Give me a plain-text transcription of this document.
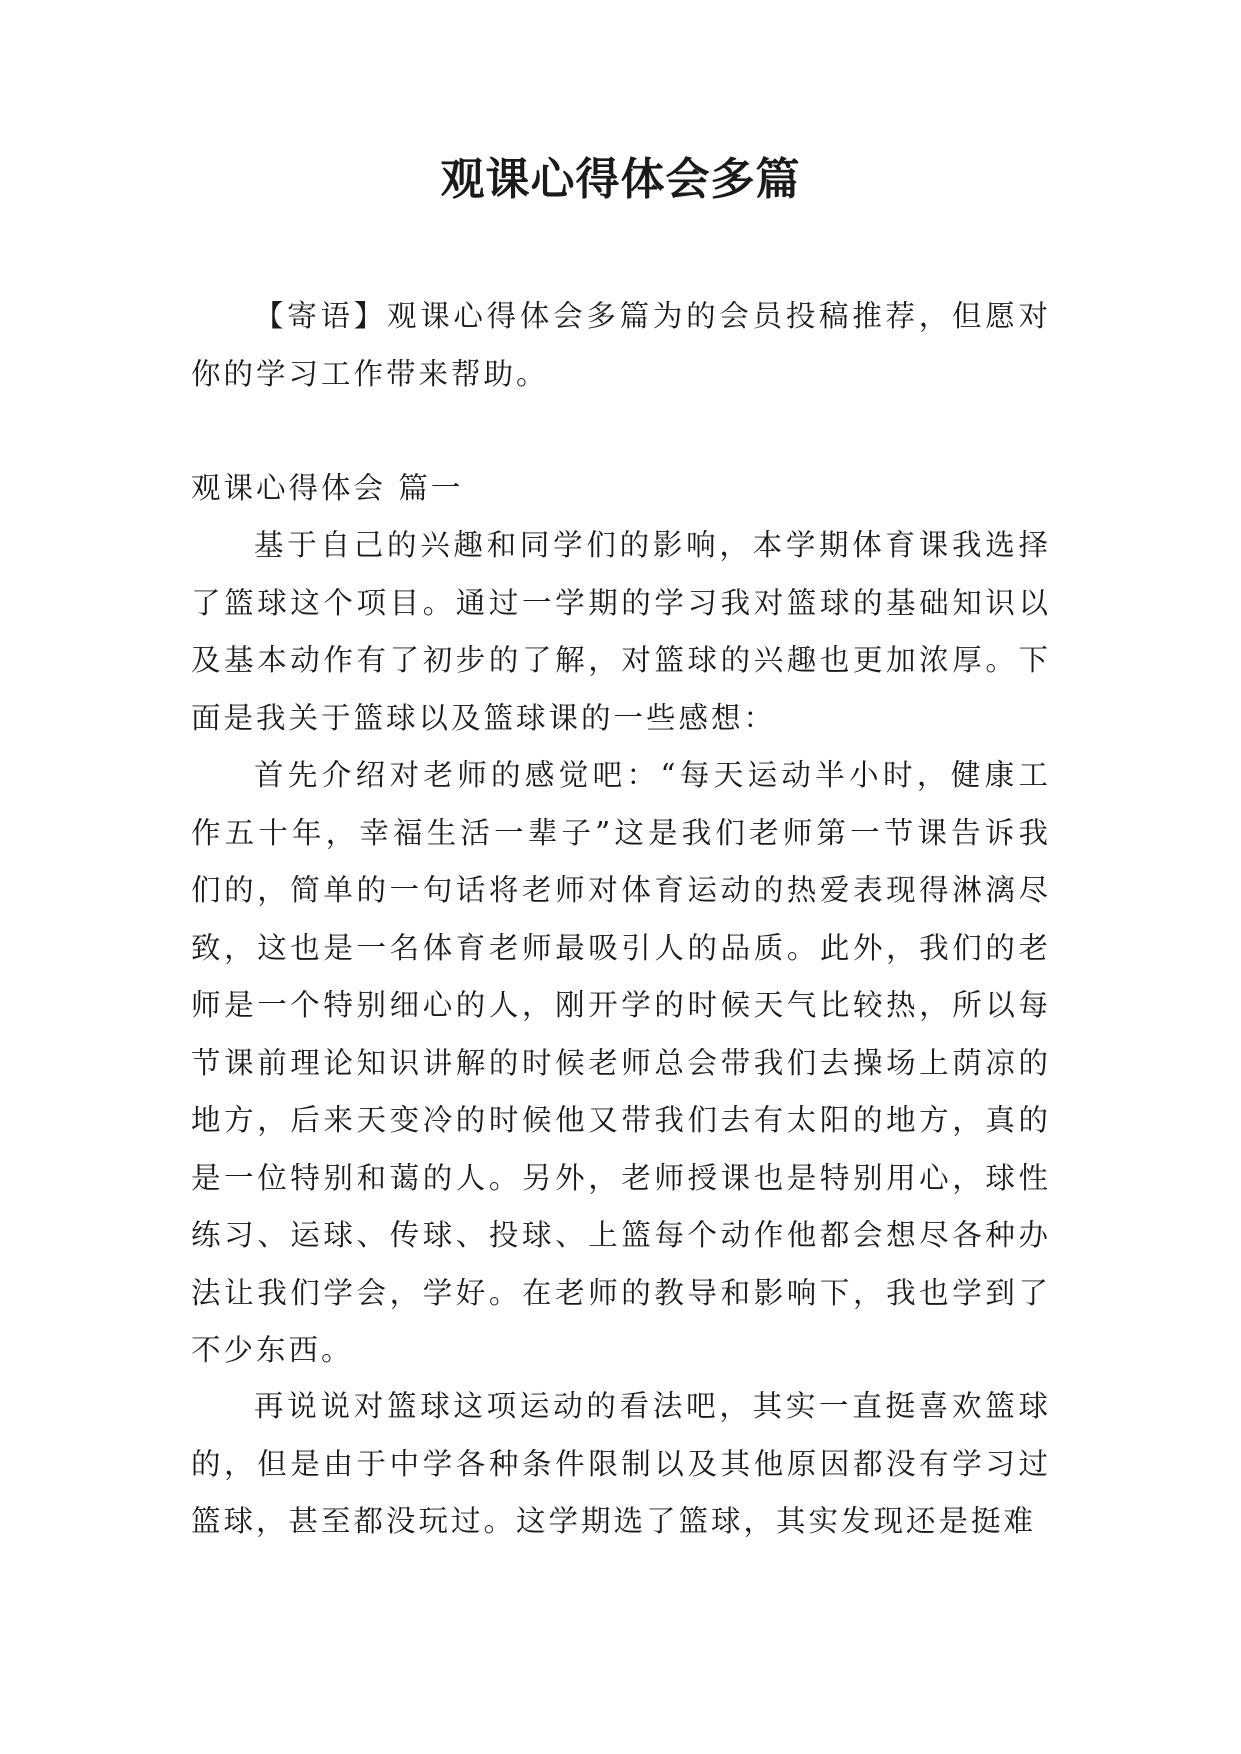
观课心得体会多篇

【寄语】观课心得体会多篇为的会员投稿推荐，但愿对你的学习工作带来帮助。

观课心得体会 篇一

基于自己的兴趣和同学们的影响，本学期体育课我选择了篮球这个项目。通过一学期的学习我对篮球的基础知识以及基本动作有了初步的了解，对篮球的兴趣也更加浓厚。下面是我关于篮球以及篮球课的一些感想：

首先介绍对老师的感觉吧：“每天运动半小时，健康工作五十年，幸福生活一辈子”这是我们老师第一节课告诉我们的，简单的一句话将老师对体育运动的热爱表现得淋漓尽致，这也是一名体育老师最吸引人的品质。此外，我们的老师是一个特别细心的人，刚开学的时候天气比较热，所以每节课前理论知识讲解的时候老师总会带我们去操场上荫凉的地方，后来天变冷的时候他又带我们去有太阳的地方，真的是一位特别和蔼的人。另外，老师授课也是特别用心，球性练习、运球、传球、投球、上篮每个动作他都会想尽各种办法让我们学会，学好。在老师的教导和影响下，我也学到了不少东西。

再说说对篮球这项运动的看法吧，其实一直挺喜欢篮球的，但是由于中学各种条件限制以及其他原因都没有学习过篮球，甚至都没玩过。这学期选了篮球，其实发现还是挺难
